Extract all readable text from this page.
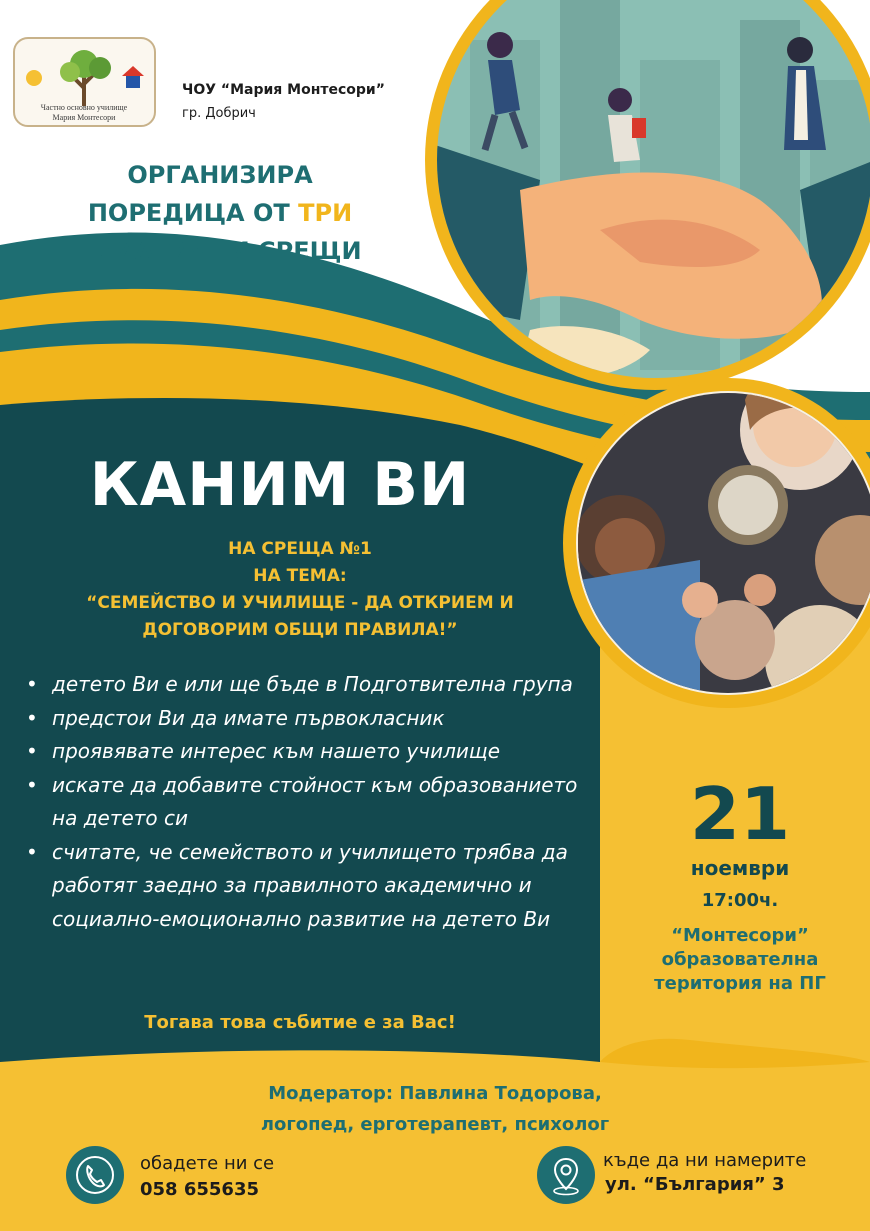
Частно основно училище
Мария Монтесори
ЧОУ “Мария Монтесори”
гр. Добрич
ОРГАНИЗИРА
ПОРЕДИЦА ОТ ТРИ
ТЕМАТИЧНИ СРЕЩИ
КАНИМ ВИ
НА СРЕЩА №1
НА ТЕМА:
“СЕМЕЙСТВО И УЧИЛИЩЕ - ДА ОТКРИЕМ И
ДОГОВОРИМ ОБЩИ ПРАВИЛА!”
• детето Ви е или ще бъде в Подготвителна група
• предстои Ви да имате първокласник
• проявявате интерес към нашето училище
• искате да добавите стойност към образованието на детето си
• считате, че семейството и училището трябва да работят заедно за правилното академично и социално-емоционално развитие на детето Ви
Тогава това събитие е за Вас!
21
ноември
17:00ч.
“Монтесори”
образователна
територия на ПГ
Модератор: Павлина Тодорова,
логопед, ерготерапевт, психолог
обадете ни се
058 655635
къде да ни намерите
ул. “България” 3
